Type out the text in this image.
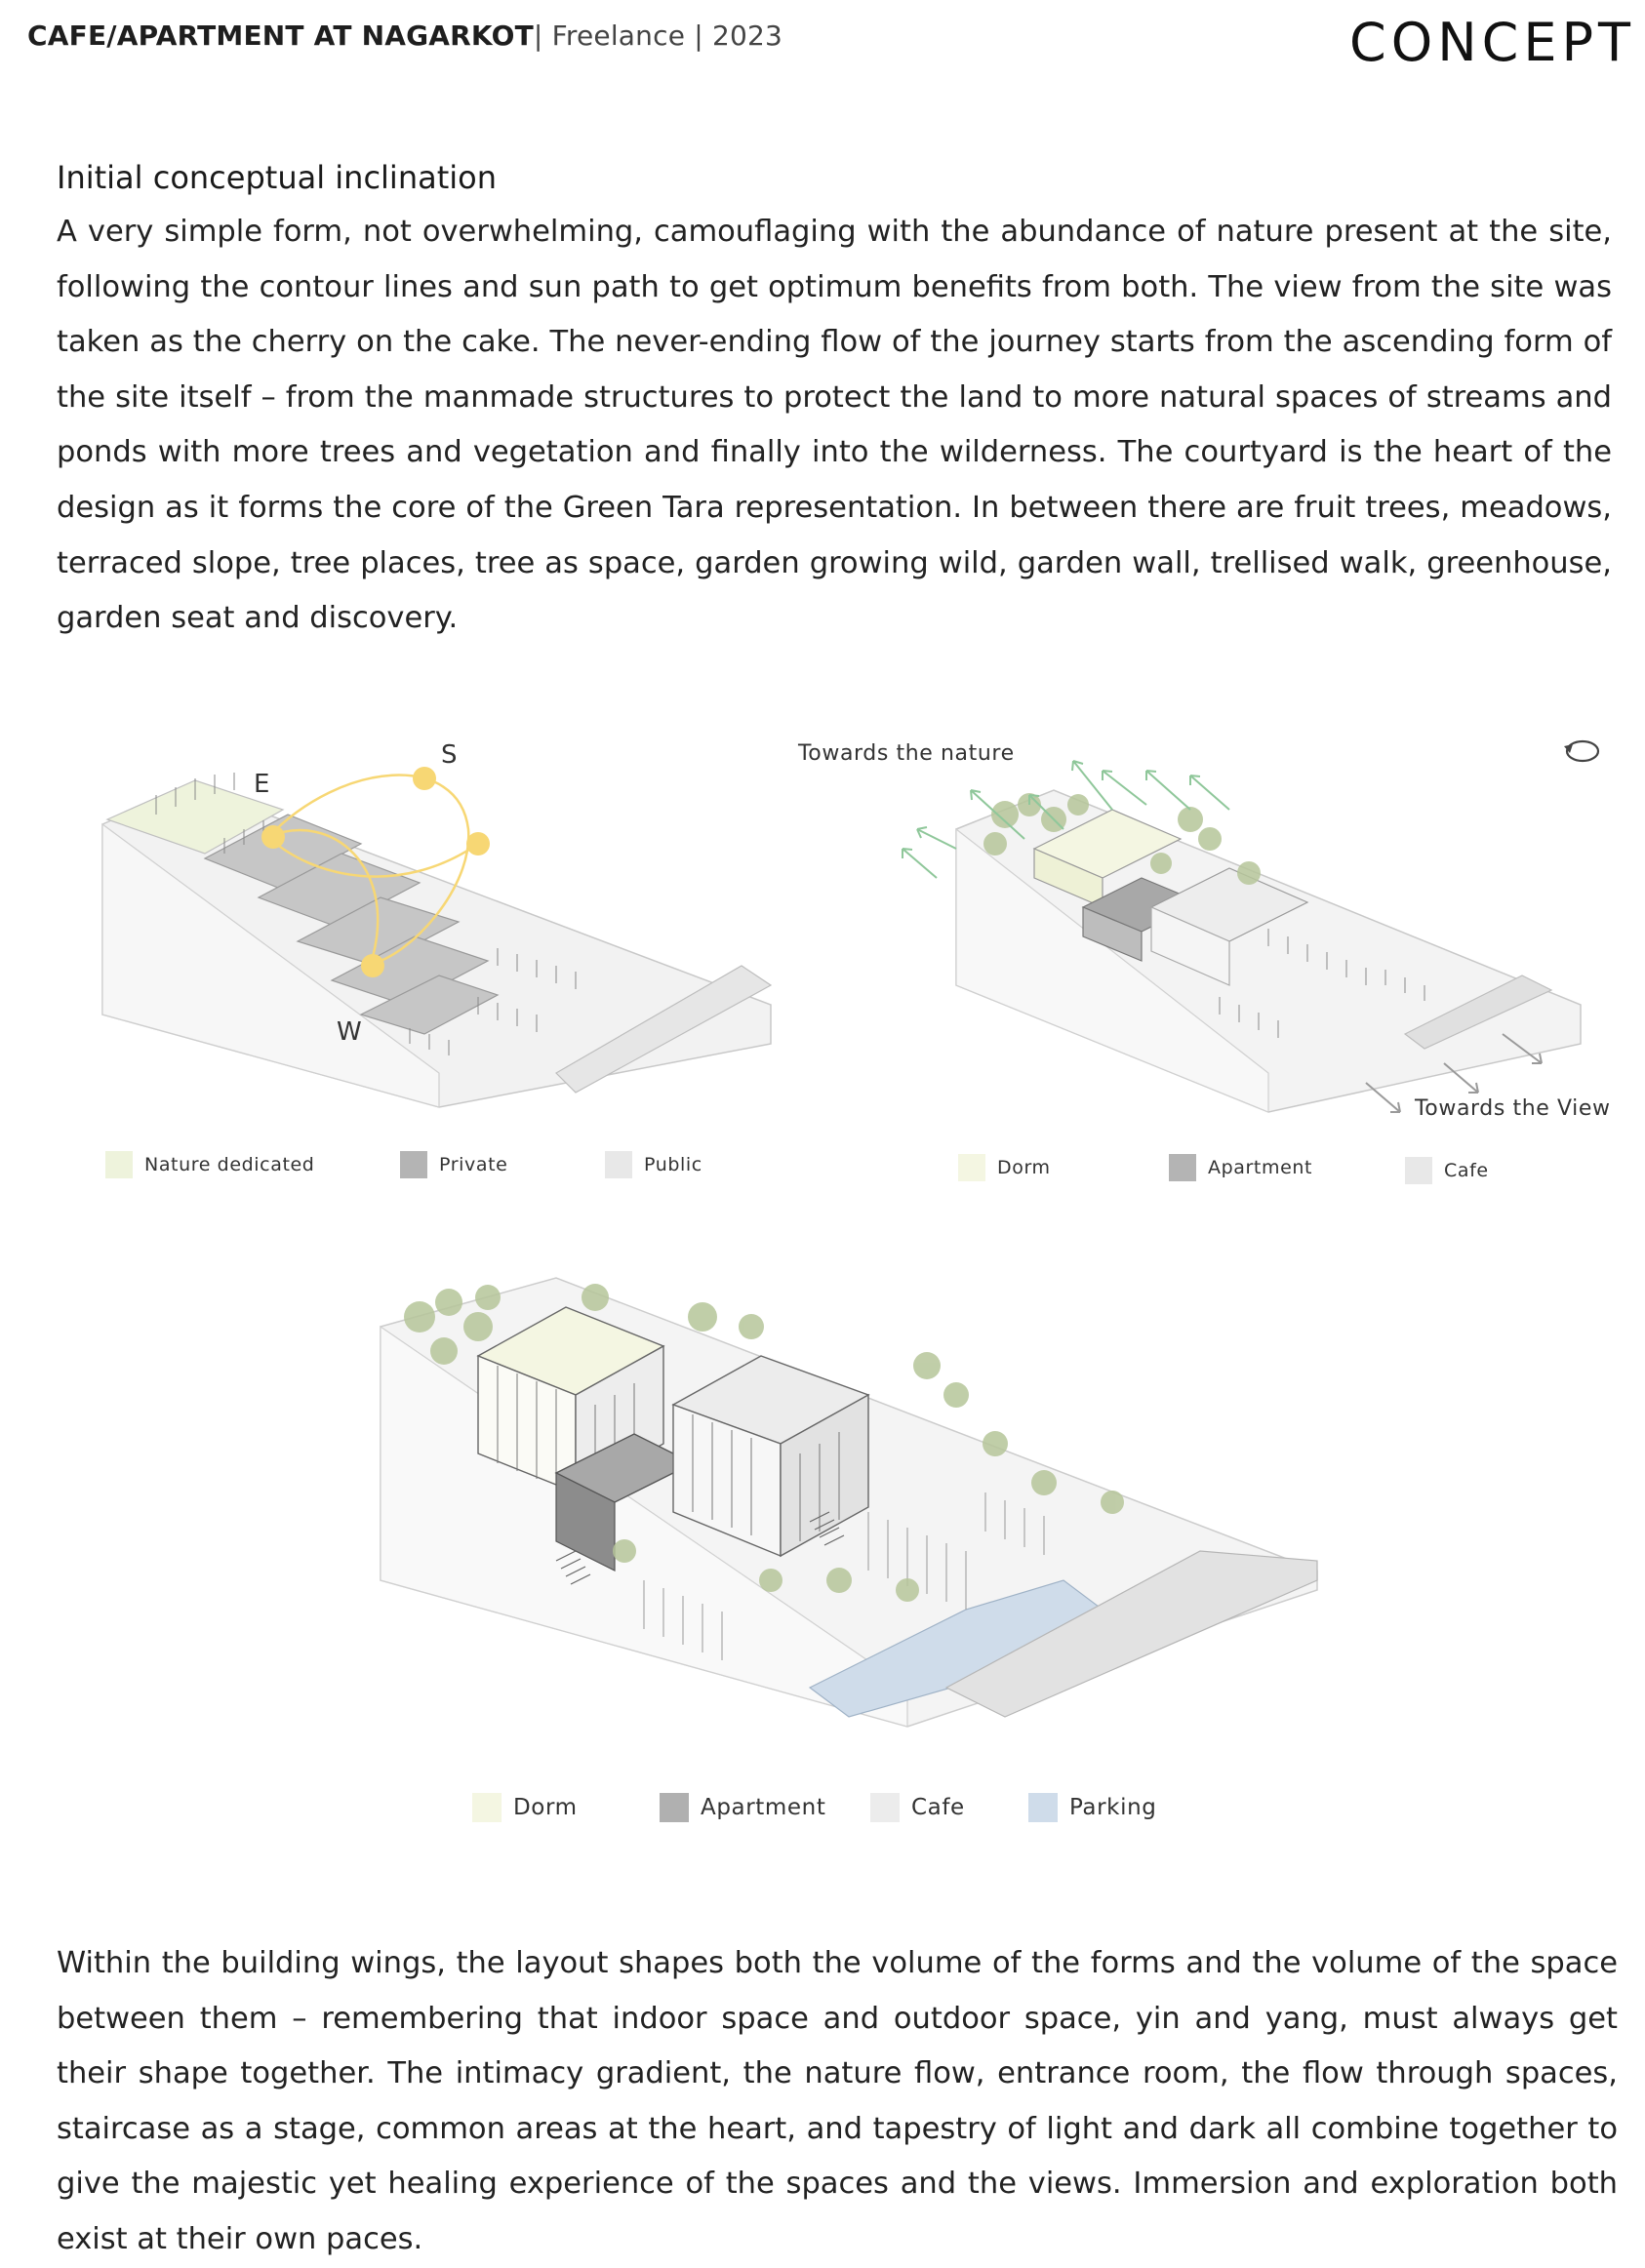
CAFE/APARTMENT AT NAGARKOT| Freelance | 2023	CONCEPT
Initial conceptual inclination
A very simple form, not overwhelming, camouflaging with the abundance of nature present at the site, following the contour lines and sun path to get optimum benefits from both. The view from the site was taken as the cherry on the cake. The never-ending flow of the journey starts from the ascending form of the site itself – from the manmade structures to protect the land to more natural spaces of streams and ponds with more trees and vegetation and finally into the wilderness. The courtyard is the heart of the design as it forms the core of the Green Tara representation. In between there are fruit trees, meadows, terraced slope, tree places, tree as space, garden growing wild, garden wall, trellised walk, greenhouse, garden seat and discovery.
S
E
W
Nature dedicated	Private	Public
Towards the nature
Towards the View
Dorm	Apartment	Cafe
Dorm	Apartment	Cafe	Parking
Within the building wings, the layout shapes both the volume of the forms and the volume of the space between them – remembering that indoor space and outdoor space, yin and yang, must always get their shape together. The intimacy gradient, the nature flow, entrance room, the flow through spaces, staircase as a stage, common areas at the heart, and tapestry of light and dark all combine together to give the majestic yet healing experience of the spaces and the views. Immersion and exploration both exist at their own paces.
